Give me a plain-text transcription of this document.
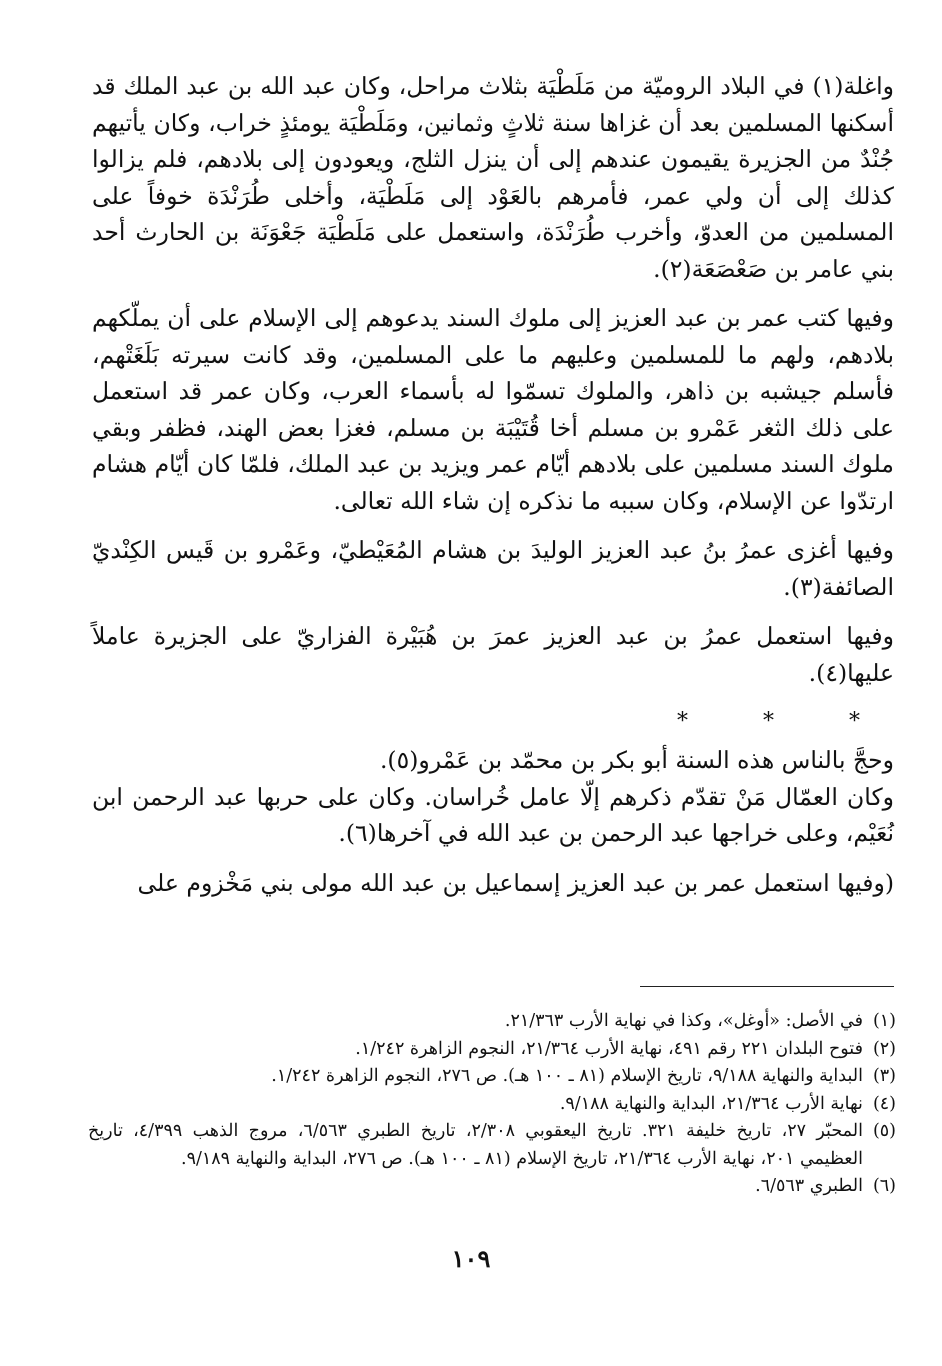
واغلة(١) في البلاد الروميّة من مَلَطْيَة بثلاث مراحل، وكان عبد الله بن عبد الملك قد أسكنها المسلمين بعد أن غزاها سنة ثلاثٍ وثمانين، ومَلَطْيَة يومئذٍ خراب، وكان يأتيهم جُنْدٌ من الجزيرة يقيمون عندهم إلى أن ينزل الثلج، ويعودون إلى بلادهم، فلم يزالوا كذلك إلى أن ولي عمر، فأمرهم بالعَوْد إلى مَلَطْيَة، وأخلى طُرَنْدَة خوفاً على المسلمين من العدوّ، وأخرب طُرَنْدَة، واستعمل على مَلَطْيَة جَعْوَنَة بن الحارث أحد بني عامر بن صَعْصَعَة(٢).

وفيها كتب عمر بن عبد العزيز إلى ملوك السند يدعوهم إلى الإسلام على أن يملّكهم بلادهم، ولهم ما للمسلمين وعليهم ما على المسلمين، وقد كانت سيرته بَلَغَتْهم، فأسلم جيشبه بن ذاهر، والملوك تسمّوا له بأسماء العرب، وكان عمر قد استعمل على ذلك الثغر عَمْرو بن مسلم أخا قُتَيْبَة بن مسلم، فغزا بعض الهند، فظفر وبقي ملوك السند مسلمين على بلادهم أيّام عمر ويزيد بن عبد الملك، فلمّا كان أيّام هشام ارتدّوا عن الإسلام، وكان سببه ما نذكره إن شاء الله تعالى.

وفيها أغزى عمرُ بنُ عبد العزيز الوليدَ بن هشام المُعَيْطيّ، وعَمْرو بن قَيس الكِنْديّ الصائفة(٣).

وفيها استعمل عمرُ بن عبد العزيز عمرَ بن هُبَيْرة الفزاريّ على الجزيرة عاملاً عليها(٤).

* * *

وحجَّ بالناس هذه السنة أبو بكر بن محمّد بن عَمْرو(٥).

وكان العمّال مَنْ تقدّم ذكرهم إلّا عامل خُراسان. وكان على حربها عبد الرحمن ابن نُعَيْم، وعلى خراجها عبد الرحمن بن عبد الله في آخرها(٦).

(وفيها استعمل عمر بن عبد العزيز إسماعيل بن عبد الله مولى بني مَخْزوم على

(١)
في الأصل: «أوغل»، وكذا في نهاية الأرب ٢١/٣٦٣.
(٢)
فتوح البلدان ٢٢١ رقم ٤٩١، نهاية الأرب ٢١/٣٦٤، النجوم الزاهرة ١/٢٤٢.
(٣)
البداية والنهاية ٩/١٨٨، تاريخ الإسلام (٨١ ـ ١٠٠ هـ). ص ٢٧٦، النجوم الزاهرة ١/٢٤٢.
(٤)
نهاية الأرب ٢١/٣٦٤، البداية والنهاية ٩/١٨٨.
(٥)
المحبّر ٢٧، تاريخ خليفة ٣٢١. تاريخ اليعقوبي ٢/٣٠٨، تاريخ الطبري ٦/٥٦٣، مروج الذهب ٤/٣٩٩، تاريخ العظيمي ٢٠١، نهاية الأرب ٢١/٣٦٤، تاريخ الإسلام (٨١ ـ ١٠٠ هـ). ص ٢٧٦، البداية والنهاية ٩/١٨٩.
(٦)
الطبري ٦/٥٦٣.
١٠٩
